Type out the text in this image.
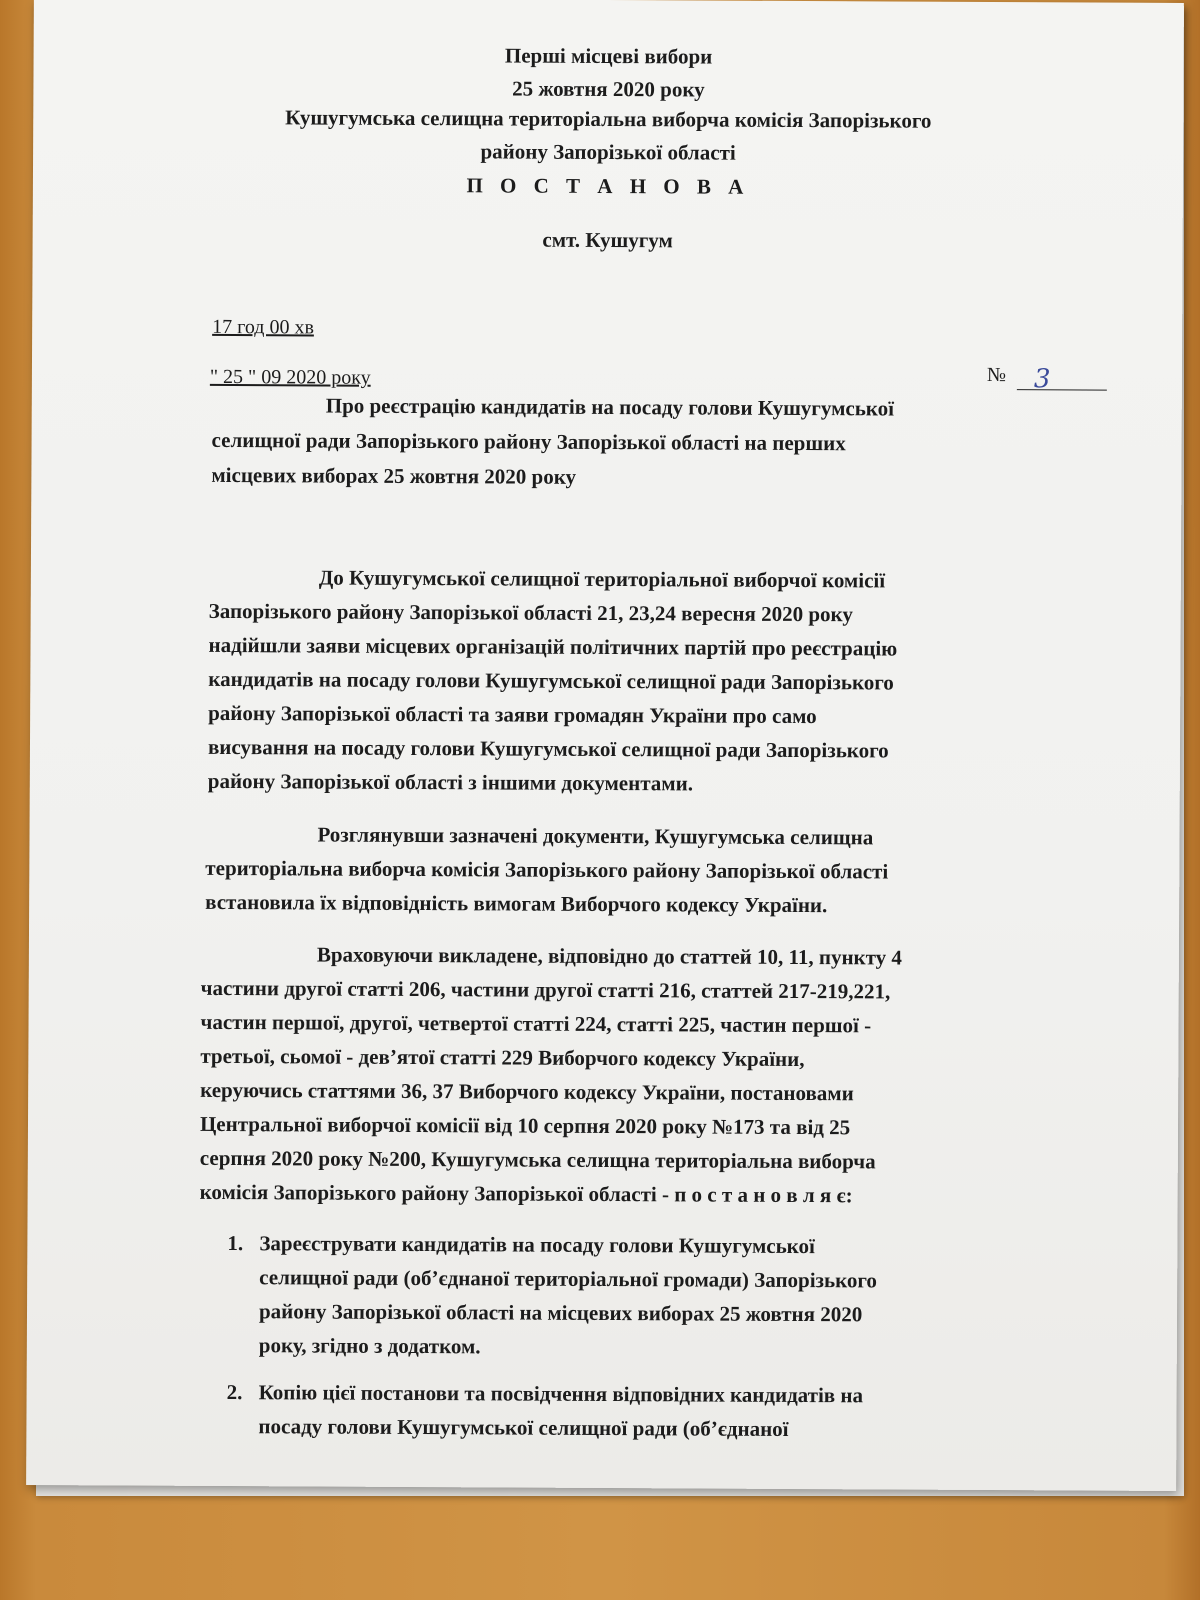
Перші місцеві вибори
25 жовтня 2020 року
Кушугумська селищна територіальна виборча комісія Запорізького
району Запорізької області
П О С Т А Н О В А
смт. Кушугум
17 год 00 хв
" 25 " 09 2020 року	№ 3
Про реєстрацію кандидатів на посаду голови Кушугумської
селищної ради Запорізького району Запорізької області на перших
місцевих виборах 25 жовтня 2020 року
До Кушугумської селищної територіальної виборчої комісії
Запорізького району Запорізької області 21, 23,24 вересня 2020 року
надійшли заяви місцевих організацій політичних партій про реєстрацію
кандидатів на посаду голови Кушугумської селищної ради Запорізького
району Запорізької області та заяви громадян України про само
висування на посаду голови Кушугумської селищної ради Запорізького
району Запорізької області з іншими документами.
Розглянувши зазначені документи, Кушугумська селищна
територіальна виборча комісія Запорізького району Запорізької області
встановила їх відповідність вимогам Виборчого кодексу України.
Враховуючи викладене, відповідно до статтей 10, 11, пункту 4
частини другої статті 206, частини другої статті 216, статтей 217-219,221,
частин першої, другої, четвертої статті 224, статті 225, частин першої -
третьої, сьомої - дев’ятої статті 229 Виборчого кодексу України,
керуючись статтями 36, 37 Виборчого кодексу України, постановами
Центральної виборчої комісії від 10 серпня 2020 року №173 та від 25
серпня 2020 року №200, Кушугумська селищна територіальна виборча
комісія Запорізького району Запорізької області - п о с т а н о в л я є:
1. Зареєструвати кандидатів на посаду голови Кушугумської
селищної ради (об’єднаної територіальної громади) Запорізького
району Запорізької області на місцевих виборах 25 жовтня 2020
року, згідно з додатком.
2. Копію цієї постанови та посвідчення відповідних кандидатів на
посаду голови Кушугумської селищної ради (об’єднаної
